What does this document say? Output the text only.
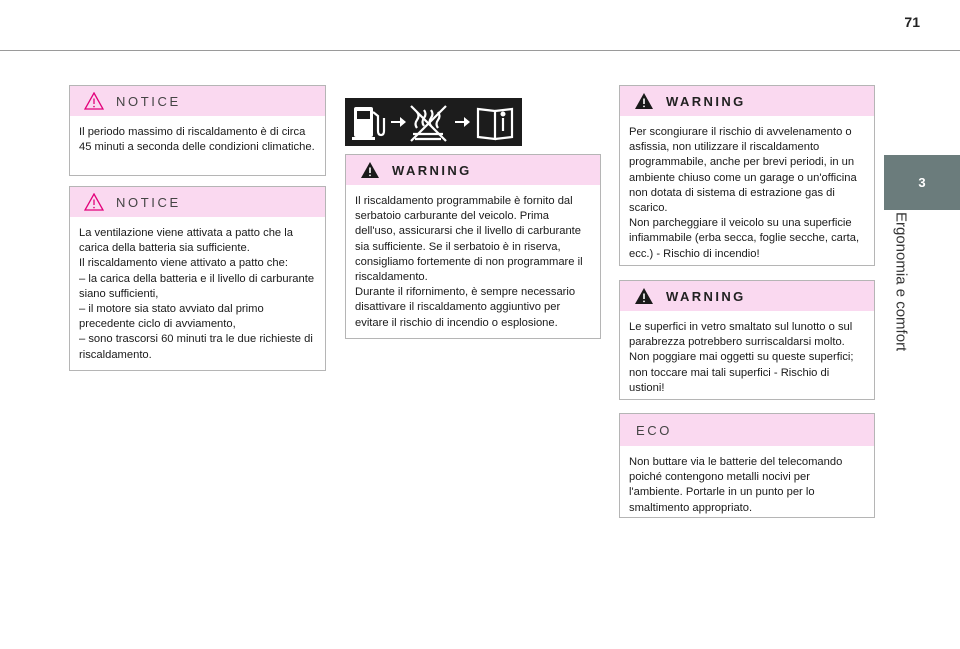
71
3
Ergonomia e comfort
NOTICE
Il periodo massimo di riscaldamento è di circa 45 minuti a seconda delle condizioni climatiche.
NOTICE
La ventilazione viene attivata a patto che la carica della batteria sia sufficiente.
Il riscaldamento viene attivato a patto che:
– la carica della batteria e il livello di carburante siano sufficienti,
– il motore sia stato avviato dal primo precedente ciclo di avviamento,
– sono trascorsi 60 minuti tra le due richieste di riscaldamento.
WARNING
Il riscaldamento programmabile è fornito dal serbatoio carburante del veicolo. Prima dell'uso, assicurarsi che il livello di carburante sia sufficiente. Se il serbatoio è in riserva, consigliamo fortemente di non programmare il riscaldamento.
Durante il rifornimento, è sempre necessario disattivare il riscaldamento aggiuntivo per evitare il rischio di incendio o esplosione.
WARNING
Per scongiurare il rischio di avvelenamento o asfissia, non utilizzare il riscaldamento programmabile, anche per brevi periodi, in un ambiente chiuso come un garage o un'officina non dotata di sistema di estrazione gas di scarico.
Non parcheggiare il veicolo su una superficie infiammabile (erba secca, foglie secche, carta, ecc.) - Rischio di incendio!
WARNING
Le superfici in vetro smaltato sul lunotto o sul parabrezza potrebbero surriscaldarsi molto. Non poggiare mai oggetti su queste superfici; non toccare mai tali superfici - Rischio di ustioni!
ECO
Non buttare via le batterie del telecomando poiché contengono metalli nocivi per l'ambiente. Portarle in un punto per lo smaltimento appropriato.
